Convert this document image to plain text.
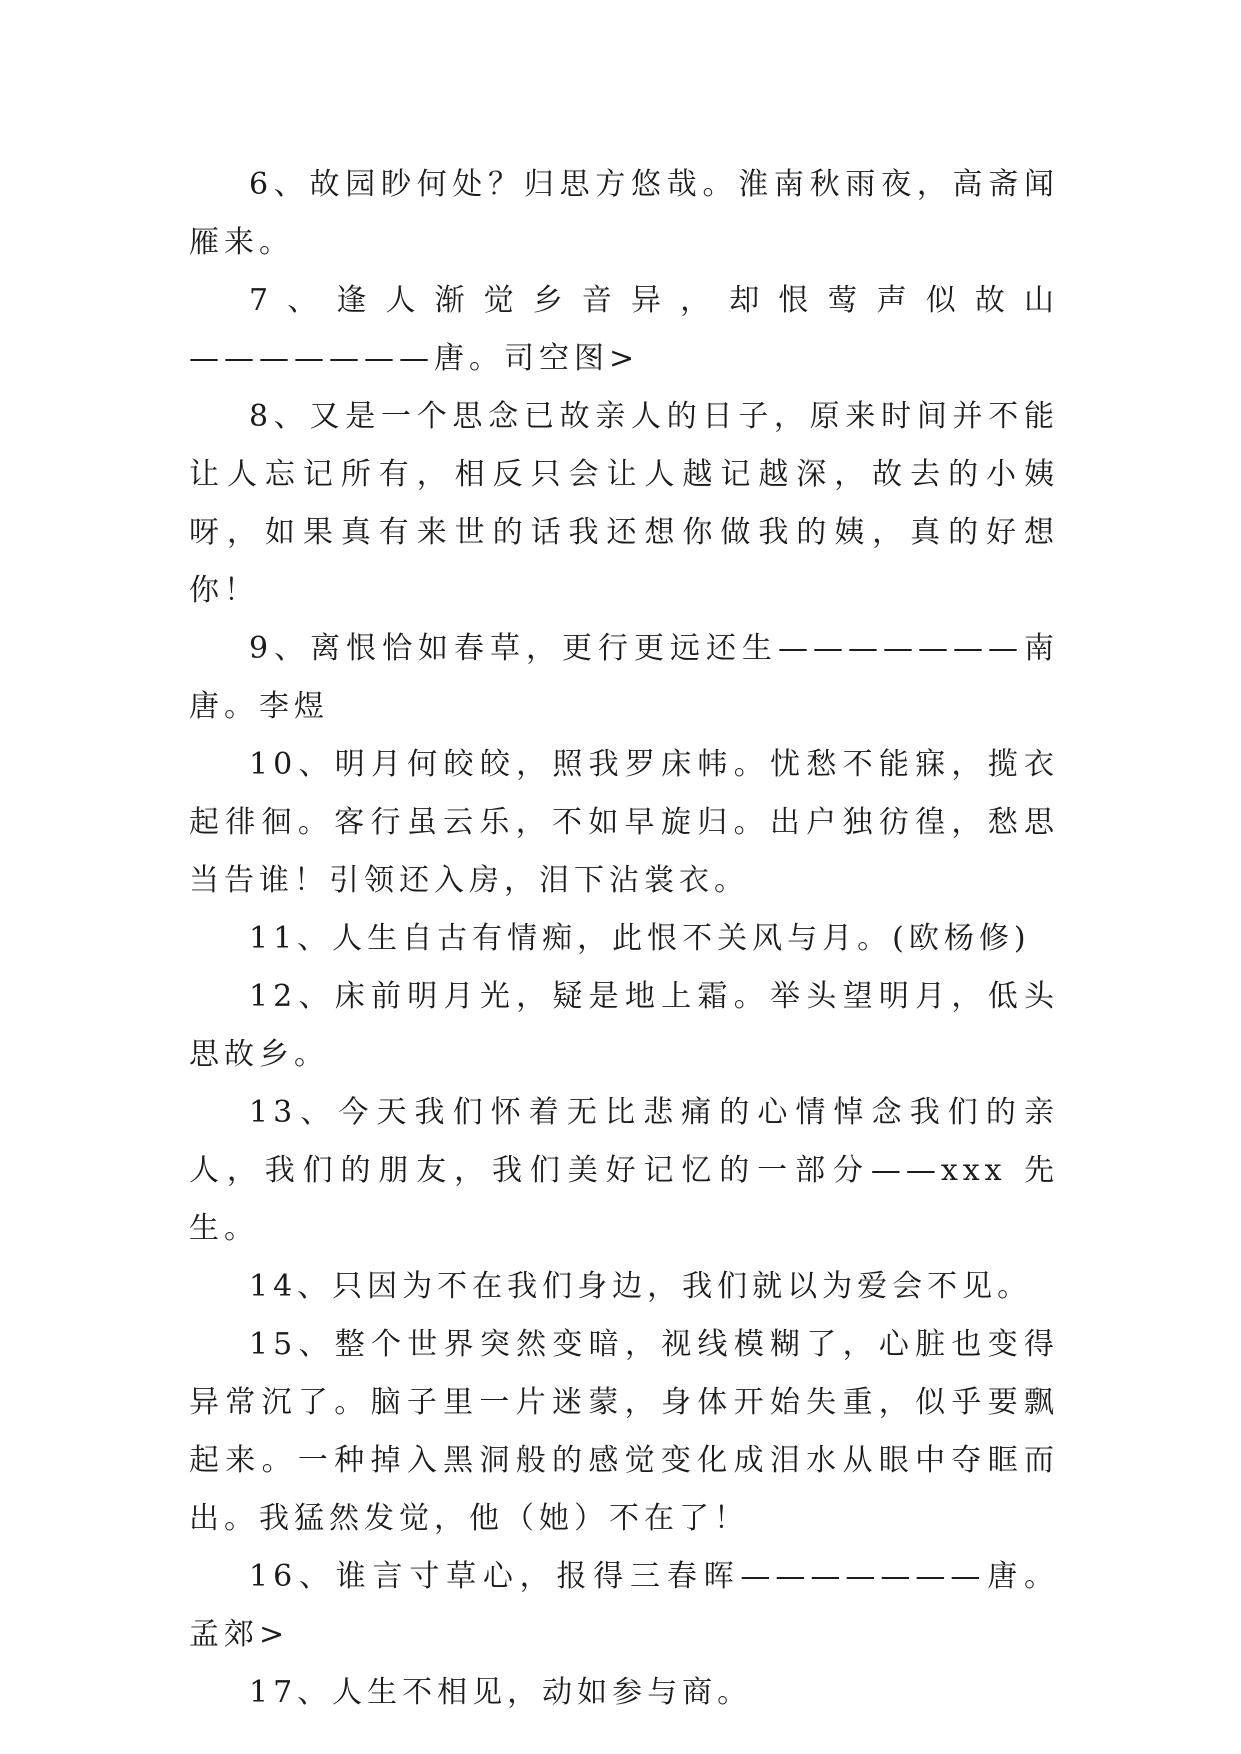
6、故园眇何处？归思方悠哉。淮南秋雨夜，高斋闻雁来。

7、逢人渐觉乡音异，却恨莺声似故山———————唐。司空图>

8、又是一个思念已故亲人的日子，原来时间并不能让人忘记所有，相反只会让人越记越深，故去的小姨呀，如果真有来世的话我还想你做我的姨，真的好想你！

9、离恨恰如春草，更行更远还生———————南唐。李煜

10、明月何皎皎，照我罗床帏。忧愁不能寐，揽衣起徘徊。客行虽云乐，不如早旋归。出户独彷徨，愁思当告谁！引领还入房，泪下沾裳衣。

11、人生自古有情痴，此恨不关风与月。(欧杨修)

12、床前明月光，疑是地上霜。举头望明月，低头思故乡。

13、今天我们怀着无比悲痛的心情悼念我们的亲人，我们的朋友，我们美好记忆的一部分——xxx 先生。

14、只因为不在我们身边，我们就以为爱会不见。

15、整个世界突然变暗，视线模糊了，心脏也变得异常沉了。脑子里一片迷蒙，身体开始失重，似乎要飘起来。一种掉入黑洞般的感觉变化成泪水从眼中夺眶而出。我猛然发觉，他（她）不在了！

16、谁言寸草心，报得三春晖———————唐。孟郊>

17、人生不相见，动如参与商。
